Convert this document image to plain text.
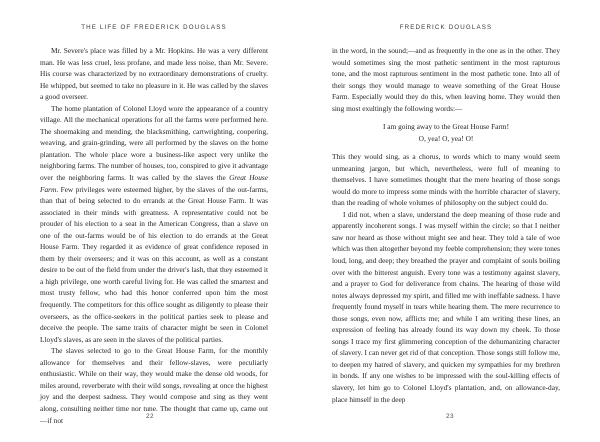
THE LIFE OF FREDERICK DOUGLASS

Mr. Severe's place was filled by a Mr. Hopkins. He was a very different man. He was less cruel, less profane, and made less noise, than Mr. Severe. His course was characterized by no extraordinary demonstrations of cruelty. He whipped, but seemed to take no pleasure in it. He was called by the slaves a good overseer.

The home plantation of Colonel Lloyd wore the appearance of a country village. All the mechanical operations for all the farms were performed here. The shoemaking and mending, the blacksmithing, cartwrighting, coopering, weaving, and grain-grinding, were all performed by the slaves on the home plantation. The whole place wore a business-like aspect very unlike the neighboring farms. The number of houses, too, conspired to give it advantage over the neighboring farms. It was called by the slaves the Great House Farm. Few privileges were esteemed higher, by the slaves of the out-farms, than that of being selected to do errands at the Great House Farm. It was associated in their minds with greatness. A representative could not be prouder of his election to a seat in the American Congress, than a slave on one of the out-farms would be of his election to do errands at the Great House Farm. They regarded it as evidence of great confidence reposed in them by their overseers; and it was on this account, as well as a constant desire to be out of the field from under the driver's lash, that they esteemed it a high privilege, one worth careful living for. He was called the smartest and most trusty fellow, who had this honor conferred upon him the most frequently. The competitors for this office sought as diligently to please their overseers, as the office-seekers in the political parties seek to please and deceive the people. The same traits of character might be seen in Colonel Lloyd's slaves, as are seen in the slaves of the political parties.

The slaves selected to go to the Great House Farm, for the monthly allowance for themselves and their fellow-slaves, were peculiarly enthusiastic. While on their way, they would make the dense old woods, for miles around, reverberate with their wild songs, revealing at once the highest joy and the deepest sadness. They would compose and sing as they went along, consulting neither time nor tune. The thought that came up, came out—if not	22
FREDERICK DOUGLASS

in the word, in the sound;—and as frequently in the one as in the other. They would sometimes sing the most pathetic sentiment in the most rapturous tone, and the most rapturous sentiment in the most pathetic tone. Into all of their songs they would manage to weave something of the Great House Farm. Especially would they do this, when leaving home. They would then sing most exultingly the following words:—

I am going away to the Great House Farm!
O, yea! O, yea! O!

This they would sing, as a chorus, to words which to many would seem unmeaning jargon, but which, nevertheless, were full of meaning to themselves. I have sometimes thought that the mere hearing of those songs would do more to impress some minds with the horrible character of slavery, than the reading of whole volumes of philosophy on the subject could do.

I did not, when a slave, understand the deep meaning of those rude and apparently incoherent songs. I was myself within the circle; so that I neither saw nor heard as those without might see and hear. They told a tale of woe which was then altogether beyond my feeble comprehension; they were tones loud, long, and deep; they breathed the prayer and complaint of souls boiling over with the bitterest anguish. Every tone was a testimony against slavery, and a prayer to God for deliverance from chains. The hearing of those wild notes always depressed my spirit, and filled me with ineffable sadness. I have frequently found myself in tears while hearing them. The mere recurrence to those songs, even now, afflicts me; and while I am writing these lines, an expression of feeling has already found its way down my cheek. To those songs I trace my first glimmering conception of the dehumanizing character of slavery. I can never get rid of that conception. Those songs still follow me, to deepen my hatred of slavery, and quicken my sympathies for my brethren in bonds. If any one wishes to be impressed with the soul-killing effects of slavery, let him go to Colonel Lloyd's plantation, and, on allowance-day, place himself in the deep

23
